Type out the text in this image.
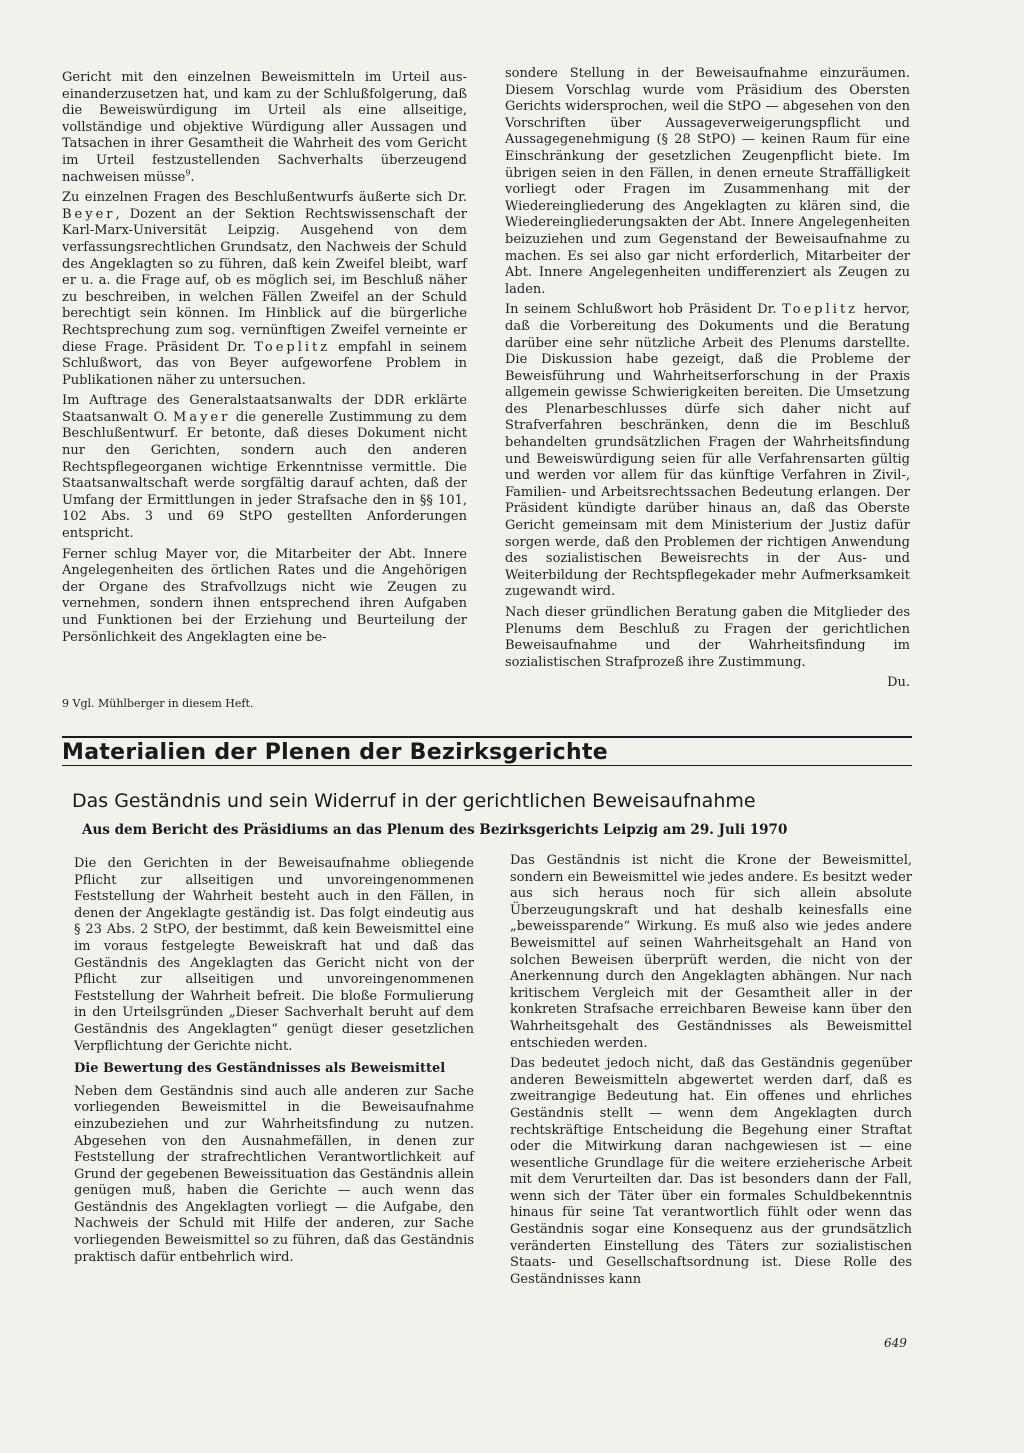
Gericht mit den einzelnen Beweismitteln im Urteil aus-einanderzusetzen hat, und kam zu der Schlußfolgerung, daß die Beweiswürdigung im Urteil als eine allseitige, vollständige und objektive Würdigung aller Aussagen und Tatsachen in ihrer Gesamtheit die Wahrheit des vom Gericht im Urteil festzustellenden Sachverhalts überzeugend nachweisen müsse$^9$.

Zu einzelnen Fragen des Beschlußentwurfs äußerte sich Dr. Beyer, Dozent an der Sektion Rechtswissenschaft der Karl-Marx-Universität Leipzig. Ausgehend von dem verfassungsrechtlichen Grundsatz, den Nachweis der Schuld des Angeklagten so zu führen, daß kein Zweifel bleibt, warf er u. a. die Frage auf, ob es möglich sei, im Beschluß näher zu beschreiben, in welchen Fällen Zweifel an der Schuld berechtigt sein können. Im Hinblick auf die bürgerliche Rechtsprechung zum sog. vernünftigen Zweifel verneinte er diese Frage. Präsident Dr. Toeplitz empfahl in seinem Schlußwort, das von Beyer aufgeworfene Problem in Publikationen näher zu untersuchen.

Im Auftrage des Generalstaatsanwalts der DDR erklärte Staatsanwalt O. Mayer die generelle Zustimmung zu dem Beschlußentwurf. Er betonte, daß dieses Dokument nicht nur den Gerichten, sondern auch den anderen Rechtspflegeorganen wichtige Erkenntnisse vermittle. Die Staatsanwaltschaft werde sorgfältig darauf achten, daß der Umfang der Ermittlungen in jeder Strafsache den in §§ 101, 102 Abs. 3 und 69 StPO gestellten Anforderungen entspricht.

Ferner schlug Mayer vor, die Mitarbeiter der Abt. Innere Angelegenheiten des örtlichen Rates und die Angehörigen der Organe des Strafvollzugs nicht wie Zeugen zu vernehmen, sondern ihnen entsprechend ihren Aufgaben und Funktionen bei der Erziehung und Beurteilung der Persönlichkeit des Angeklagten eine be-

9 Vgl. Mühlberger in diesem Heft.

sondere Stellung in der Beweisaufnahme einzuräumen. Diesem Vorschlag wurde vom Präsidium des Obersten Gerichts widersprochen, weil die StPO — abgesehen von den Vorschriften über Aussageverweigerungspflicht und Aussagegenehmigung (§ 28 StPO) — keinen Raum für eine Einschränkung der gesetzlichen Zeugenpflicht biete. Im übrigen seien in den Fällen, in denen erneute Straffälligkeit vorliegt oder Fragen im Zusammenhang mit der Wiedereingliederung des Angeklagten zu klären sind, die Wiedereingliederungsakten der Abt. Innere Angelegenheiten beizuziehen und zum Gegenstand der Beweisaufnahme zu machen. Es sei also gar nicht erforderlich, Mitarbeiter der Abt. Innere Angelegenheiten undifferenziert als Zeugen zu laden.

In seinem Schlußwort hob Präsident Dr. Toeplitz hervor, daß die Vorbereitung des Dokuments und die Beratung darüber eine sehr nützliche Arbeit des Plenums darstellte. Die Diskussion habe gezeigt, daß die Probleme der Beweisführung und Wahrheitserforschung in der Praxis allgemein gewisse Schwierigkeiten bereiten. Die Umsetzung des Plenarbeschlusses dürfe sich daher nicht auf Strafverfahren beschränken, denn die im Beschluß behandelten grundsätzlichen Fragen der Wahrheitsfindung und Beweiswürdigung seien für alle Verfahrensarten gültig und werden vor allem für das künftige Verfahren in Zivil-, Familien- und Arbeitsrechtssachen Bedeutung erlangen. Der Präsident kündigte darüber hinaus an, daß das Oberste Gericht gemeinsam mit dem Ministerium der Justiz dafür sorgen werde, daß den Problemen der richtigen Anwendung des sozialistischen Beweisrechts in der Aus- und Weiterbildung der Rechtspflegekader mehr Aufmerksamkeit zugewandt wird.

Nach dieser gründlichen Beratung gaben die Mitglieder des Plenums dem Beschluß zu Fragen der gerichtlichen Beweisaufnahme und der Wahrheitsfindung im sozialistischen Strafprozeß ihre Zustimmung.

Du.
Materialien der Plenen der Bezirksgerichte
Das Geständnis und sein Widerruf in der gerichtlichen Beweisaufnahme
Aus dem Bericht des Präsidiums an das Plenum des Bezirksgerichts Leipzig am 29. Juli 1970

Die den Gerichten in der Beweisaufnahme obliegende Pflicht zur allseitigen und unvoreingenommenen Feststellung der Wahrheit besteht auch in den Fällen, in denen der Angeklagte geständig ist. Das folgt eindeutig aus § 23 Abs. 2 StPO, der bestimmt, daß kein Beweismittel eine im voraus festgelegte Beweiskraft hat und daß das Geständnis des Angeklagten das Gericht nicht von der Pflicht zur allseitigen und unvoreingenommenen Feststellung der Wahrheit befreit. Die bloße Formulierung in den Urteilsgründen „Dieser Sachverhalt beruht auf dem Geständnis des Angeklagten“ genügt dieser gesetzlichen Verpflichtung der Gerichte nicht.

Die Bewertung des Geständnisses als Beweismittel

Neben dem Geständnis sind auch alle anderen zur Sache vorliegenden Beweismittel in die Beweisaufnahme einzubeziehen und zur Wahrheitsfindung zu nutzen. Abgesehen von den Ausnahmefällen, in denen zur Feststellung der strafrechtlichen Verantwortlichkeit auf Grund der gegebenen Beweissituation das Geständnis allein genügen muß, haben die Gerichte — auch wenn das Geständnis des Angeklagten vorliegt — die Aufgabe, den Nachweis der Schuld mit Hilfe der anderen, zur Sache vorliegenden Beweismittel so zu führen, daß das Geständnis praktisch dafür entbehrlich wird.

Das Geständnis ist nicht die Krone der Beweismittel, sondern ein Beweismittel wie jedes andere. Es besitzt weder aus sich heraus noch für sich allein absolute Überzeugungskraft und hat deshalb keinesfalls eine „beweissparende“ Wirkung. Es muß also wie jedes andere Beweismittel auf seinen Wahrheitsgehalt an Hand von solchen Beweisen überprüft werden, die nicht von der Anerkennung durch den Angeklagten abhängen. Nur nach kritischem Vergleich mit der Gesamtheit aller in der konkreten Strafsache erreichbaren Beweise kann über den Wahrheitsgehalt des Geständnisses als Beweismittel entschieden werden.

Das bedeutet jedoch nicht, daß das Geständnis gegenüber anderen Beweismitteln abgewertet werden darf, daß es zweitrangige Bedeutung hat. Ein offenes und ehrliches Geständnis stellt — wenn dem Angeklagten durch rechtskräftige Entscheidung die Begehung einer Straftat oder die Mitwirkung daran nachgewiesen ist — eine wesentliche Grundlage für die weitere erzieherische Arbeit mit dem Verurteilten dar. Das ist besonders dann der Fall, wenn sich der Täter über ein formales Schuldbekenntnis hinaus für seine Tat verantwortlich fühlt oder wenn das Geständnis sogar eine Konsequenz aus der grundsätzlich veränderten Einstellung des Täters zur sozialistischen Staats- und Gesellschaftsordnung ist. Diese Rolle des Geständnisses kann

649
